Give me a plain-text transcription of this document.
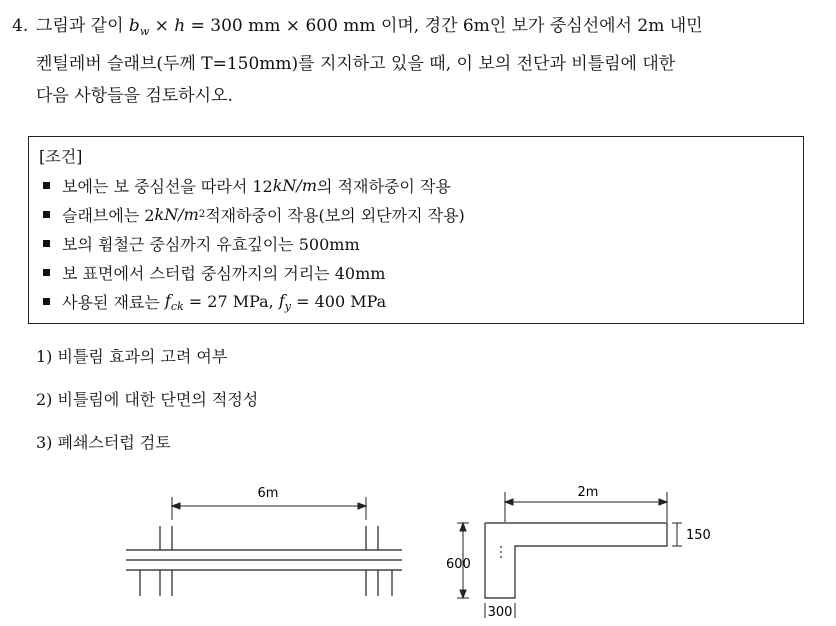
4. 그림과 같이 $b_w \times h = 300$ mm × 600 mm 이며, 경간 6m인 보가 중심선에서 2m 내민
켄틸레버 슬래브(두께 T=150mm)를 지지하고 있을 때, 이 보의 전단과 비틀림에 대한
다음 사항들을 검토하시오.
[조건]
보에는 보 중심선을 따라서 12 kN/m 의 적재하중이 작용
슬래브에는 2 kN/m 2 적재하중이 작용(보의 외단까지 작용)
보의 휨철근 중심까지 유효깊이는 500mm
보 표면에서 스터럽 중심까지의 거리는 40mm
사용된 재료는 $f_{ck} = 27$ MPa, $f_y = 400$ MPa
1) 비틀림 효과의 고려 여부
2) 비틀림에 대한 단면의 적정성
3) 폐쇄스터럽 검토
6m	2m
150
600
300
